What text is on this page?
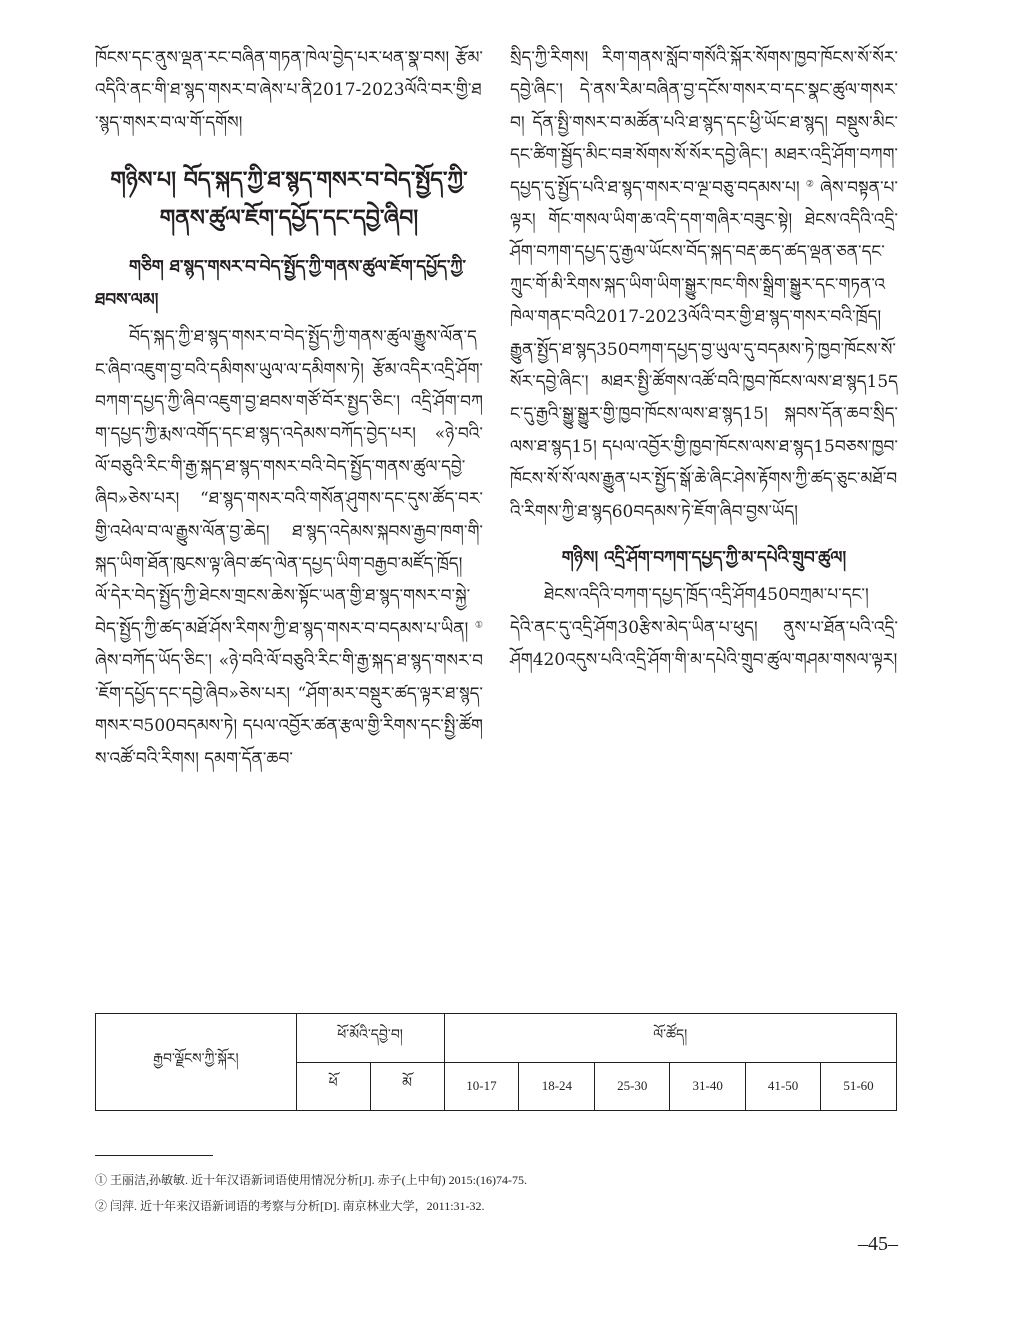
ཁོངས་དང་ནུས་ལྡན་རང་བཞིན་གཏན་ཁེལ་བྱེད་པར་ཕན་སྣ་བས། རྩོམ་འདིའི་ནང་གི་ཐ་སྙད་གསར་བ་ཞེས་པ་ནི2017-2023ལོའི་བར་གྱི་ཐ་སྙད་གསར་བ་ལ་གོ་དགོས།

གཉིས་པ། བོད་སྐད་ཀྱི་ཐ་སྙད་གསར་བ་བེད་སྤྱོད་ཀྱི་གནས་ཚུལ་ཇོག་དཔྱོད་དང་དབྱེ་ཞིབ།
གཅིག ཐ་སྙད་གསར་བ་བེད་སྤྱོད་ཀྱི་གནས་ཚུལ་ཇོག་དཔྱོད་ཀྱི་ཐབས་ལམ།

བོད་སྐད་ཀྱི་ཐ་སྙད་གསར་བ་བེད་སྤྱོད་ཀྱི་གནས་ཚུལ་རྒྱུས་ལོན་དང་ཞིབ་འཇུག་བྱ་བའི་དམིགས་ཡུལ་ལ་དམིགས་ཏེ། རྩོམ་འདིར་འདྲི་ཤོག་བཀག་དཔྱད་ཀྱི་ཞིབ་འཇུག་བྱ་ཐབས་གཙོ་བོར་སྤྱད་ཅིང་། འདྲི་ཤོག་བཀག་དཔྱད་ཀྱི་རྨས་འགོད་དང་ཐ་སྙད་འདེམས་བཀོད་བྱེད་པར། «ཉེ་བའི་ལོ་བཅུའི་རིང་གི་རྒྱ་སྐད་ཐ་སྙད་གསར་བའི་བེད་སྤྱོད་གནས་ཚུལ་དབྱེ་ཞིབ»ཅེས་པར། “ཐ་སྙད་གསར་བའི་གསོན་ཤུགས་དང་དུས་ཚོད་བར་གྱི་འཕེལ་བ་ལ་རྒྱུས་ལོན་བྱ་ཆེད། ཐ་སྙད་འདེམས་སྐབས་རྒྱབ་ཁག་གི་སྐད་ཡིག་ཐོན་ཁུངས་ལྟ་ཞིབ་ཚད་ལེན་དཔྱད་ཡིག་བརྒྱབ་མཛོད་ཁྲོད། ལོ་དེར་བེད་སྤྱོད་ཀྱི་ཐེངས་གྲངས་ཆེས་སྟོང་ཡན་གྱི་ཐ་སྙད་གསར་བ་སྐྱེ་བེད་སྤྱོད་ཀྱི་ཚད་མཐོ་ཤོས་རིགས་ཀྱི་ཐ་སྙད་གསར་བ་བདམས་པ་ཡིན།①ཞེས་བཀོད་ཡོད་ཅིང་། «ཉེ་བའི་ལོ་བཅུའི་རིང་གི་རྒྱ་སྐད་ཐ་སྙད་གསར་བ་ཇོག་དཔྱོད་དང་དབྱེ་ཞིབ»ཅེས་པར། “ཤོག་མར་བསྡུར་ཚད་ལྟར་ཐ་སྙད་གསར་བ500བདམས་ཏེ། དཔལ་འབྱོར་ཚན་རྩལ་གྱི་རིགས་དང་སྤྱི་ཚོགས་འཚོ་བའི་རིགས། དམག་དོན་ཆབ་

སྲིད་ཀྱི་རིགས། རིག་གནས་སློབ་གསོའི་སྐོར་སོགས་ཁྱབ་ཁོངས་སོ་སོར་དབྱེ་ཞིང་། དེ་ནས་རིམ་བཞིན་བྱ་དངོས་གསར་བ་དང་སྣང་ཚུལ་གསར་བ། དོན་སྤྱི་གསར་བ་མཚོན་པའི་ཐ་སྙད་དང་ཕྱི་ཡོང་ཐ་སྙད། བསྡུས་མིང་དང་ཚིག་སྦྱོད་མིང་བཟ་སོགས་སོ་སོར་དབྱེ་ཞིང་། མཐར་འདྲི་ཤོག་བཀག་དཔྱད་དུ་སྤྱོད་པའི་ཐ་སྙད་གསར་བ་ལྔ་བཅུ་བདམས་པ།②ཞེས་བསྟན་པ་ལྟར། གོང་གསལ་ཡིག་ཆ་འདི་དག་གཞིར་བཟུང་སྟེ། ཐེངས་འདིའི་འདྲི་ཤོག་བཀག་དཔྱད་དུ་རྒྱལ་ཡོངས་བོད་སྐད་བརྡ་ཆད་ཚད་ལྡན་ཅན་དང་ཀྲུང་གོ་མི་རིགས་སྐད་ཡིག་ཡིག་སྒྱུར་ཁང་གིས་སྒྲིག་སྒྱུར་དང་གཏན་འཁེལ་གནང་བའི2017-2023ལོའི་བར་གྱི་ཐ་སྙད་གསར་བའི་ཁྲོད། རྒྱུན་སྤྱོད་ཐ་སྙད350བཀག་དཔྱད་བྱ་ཡུལ་དུ་བདམས་ཏེ་ཁྱབ་ཁོངས་སོ་སོར་དབྱེ་ཞིང་། མཐར་སྤྱི་ཚོགས་འཚོ་བའི་ཁྱབ་ཁོངས་ལས་ཐ་སྙད15དང་དུ་རྒྱའི་སྒྱུ་སྒྱུར་གྱི་ཁྱབ་ཁོངས་ལས་ཐ་སྙད15། སྐབས་དོན་ཆབ་སྲིད་ལས་ཐ་སྙད15། དཔལ་འབྱོར་གྱི་ཁྱབ་ཁོངས་ལས་ཐ་སྙད15བཅས་ཁྱབ་ཁོངས་སོ་སོ་ལས་རྒྱུན་པར་སྤྱོད་སྒོ་ཆེ་ཞིང་ཤེས་རྟོགས་ཀྱི་ཚད་ཅུང་མཐོ་བའི་རིགས་ཀྱི་ཐ་སྙད60བདམས་ཏེ་ཇོག་ཞིབ་བྱས་ཡོད།

གཉིས། འདྲི་ཤོག་བཀག་དཔྱད་ཀྱི་མ་དཔེའི་གྲུབ་ཚུལ།

ཐེངས་འདིའི་བཀག་དཔྱད་ཁྲོད་འདྲི་ཤོག450བཀྲམ་པ་དང་། དེའི་ནང་དུ་འདྲི་ཤོག30རྩིས་མེད་ཡིན་པ་ཕུད། ནུས་པ་ཐོན་པའི་འདྲི་ཤོག420འདུས་པའི་འདྲི་ཤོག་གི་མ་དཔེའི་གྲུབ་ཚུལ་གཤམ་གསལ་ལྟར།

རྒྱབ་ལྗོངས་ཀྱི་སྐོར།	ཕོ་མོའི་དབྱེ་བ།		ལོ་ཚོད།					
	ཕོ	མོ	10-17	18-24	25-30	31-40	41-50	51-60
① 王丽洁,孙敏敏. 近十年汉语新词语使用情况分析[J]. 赤子(上中旬) 2015:(16)74-75.
② 闫萍. 近十年来汉语新词语的考察与分析[D]. 南京林业大学，2011:31-32.
–45–
